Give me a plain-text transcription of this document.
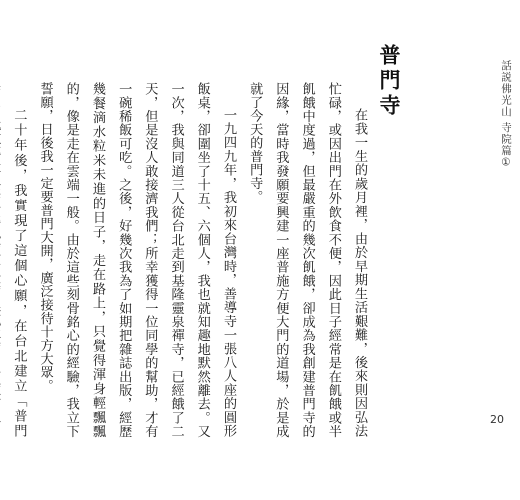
話説佛光山 寺院篇①
普門寺

在我一生的歲月裡，由於早期生活艱難，後來則因弘法忙碌，或因出門在外飲食不便，因此日子經常是在飢餓或半飢餓中度過，但最嚴重的幾次飢餓，卻成為我創建普門寺的因緣，當時我發願要興建一座普施方便大門的道場，於是成就了今天的普門寺。

一九四九年，我初來台灣時，善導寺一張八人座的圓形飯桌，卻圍坐了十五、六個人，我也就知趣地默然離去。又一次，我與同道三人從台北走到基隆靈泉禪寺，已經餓了二天，但是沒人敢接濟我們；所幸獲得一位同學的幫助，才有一碗稀飯可吃。之後，好幾次我為了如期把雜誌出版，經歷幾餐滴水粒米未進的日子，走在路上，只覺得渾身輕飄飄的，像是走在雲端一般。由於這些刻骨銘心的經驗，我立下誓願，日後我一定要普門大開，廣泛接待十方大眾。

二十年後，我實現了這個心願，在台北建立「普門

20
